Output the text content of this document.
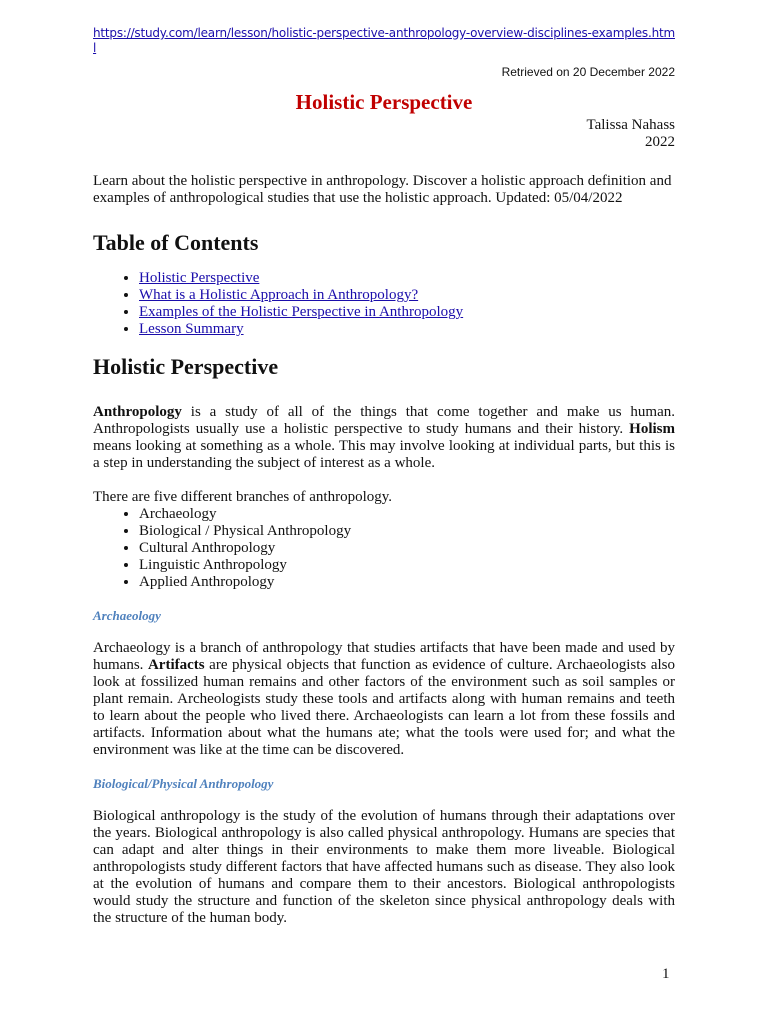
https://study.com/learn/lesson/holistic-perspective-anthropology-overview-disciplines-examples.html
Retrieved on 20 December 2022
Holistic Perspective
Talissa Nahass
2022

Learn about the holistic perspective in anthropology. Discover a holistic approach definition and examples of anthropological studies that use the holistic approach. Updated: 05/04/2022

Table of Contents
• Holistic Perspective
• What is a Holistic Approach in Anthropology?
• Examples of the Holistic Perspective in Anthropology
• Lesson Summary
Holistic Perspective

Anthropology is a study of all of the things that come together and make us human. Anthropologists usually use a holistic perspective to study humans and their history. Holism means looking at something as a whole. This may involve looking at individual parts, but this is a step in understanding the subject of interest as a whole.

There are five different branches of anthropology.

• Archaeology
• Biological / Physical Anthropology
• Cultural Anthropology
• Linguistic Anthropology
• Applied Anthropology
Archaeology

Archaeology is a branch of anthropology that studies artifacts that have been made and used by humans. Artifacts are physical objects that function as evidence of culture. Archaeologists also look at fossilized human remains and other factors of the environment such as soil samples or plant remain. Archeologists study these tools and artifacts along with human remains and teeth to learn about the people who lived there. Archaeologists can learn a lot from these fossils and artifacts. Information about what the humans ate; what the tools were used for; and what the environment was like at the time can be discovered.

Biological/Physical Anthropology

Biological anthropology is the study of the evolution of humans through their adaptations over the years. Biological anthropology is also called physical anthropology. Humans are species that can adapt and alter things in their environments to make them more liveable. Biological anthropologists study different factors that have affected humans such as disease. They also look at the evolution of humans and compare them to their ancestors. Biological anthropologists would study the structure and function of the skeleton since physical anthropology deals with the structure of the human body.

1
